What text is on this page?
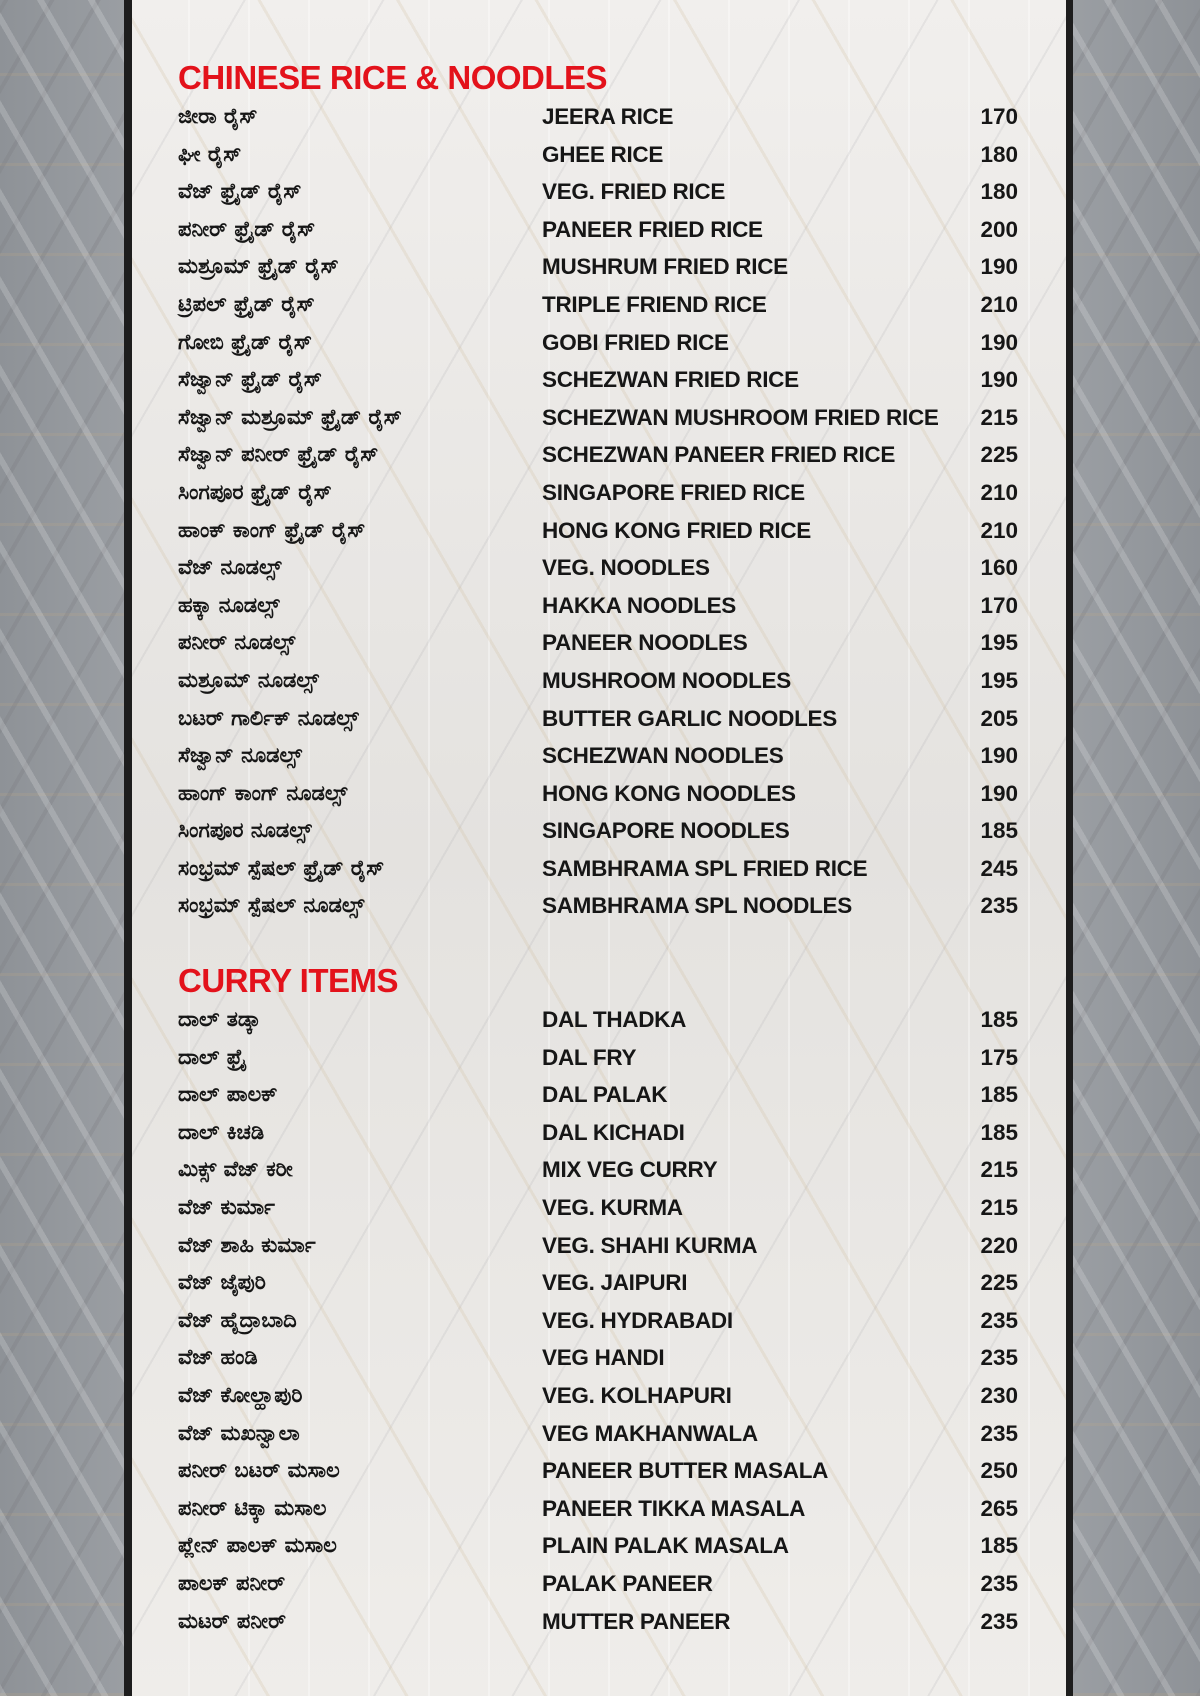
CHINESE RICE & NOODLES
ಜೀರಾ ರೈಸ್	JEERA RICE	170
ಘೀ ರೈಸ್	GHEE RICE	180
ವೆಜ್ ಫ್ರೈಡ್ ರೈಸ್	VEG. FRIED RICE	180
ಪನೀರ್ ಫ್ರೈಡ್ ರೈಸ್	PANEER FRIED RICE	200
ಮಶ್ರೂಮ್ ಫ್ರೈಡ್ ರೈಸ್	MUSHRUM FRIED RICE	190
ಟ್ರಿಪಲ್ ಫ್ರೈಡ್ ರೈಸ್	TRIPLE FRIEND RICE	210
ಗೋಬಿ ಫ್ರೈಡ್ ರೈಸ್	GOBI FRIED RICE	190
ಸೆಜ್ವಾನ್ ಫ್ರೈಡ್ ರೈಸ್	SCHEZWAN FRIED RICE	190
ಸೆಜ್ವಾನ್ ಮಶ್ರೂಮ್ ಫ್ರೈಡ್ ರೈಸ್	SCHEZWAN MUSHROOM FRIED RICE	215
ಸೆಜ್ವಾನ್ ಪನೀರ್ ಫ್ರೈಡ್ ರೈಸ್	SCHEZWAN PANEER FRIED RICE	225
ಸಿಂಗಪೂರ ಫ್ರೈಡ್ ರೈಸ್	SINGAPORE FRIED RICE	210
ಹಾಂಕ್ ಕಾಂಗ್ ಫ್ರೈಡ್ ರೈಸ್	HONG KONG FRIED RICE	210
ವೆಜ್ ನೂಡಲ್ಸ್	VEG. NOODLES	160
ಹಕ್ಕಾ ನೂಡಲ್ಸ್	HAKKA NOODLES	170
ಪನೀರ್ ನೂಡಲ್ಸ್	PANEER NOODLES	195
ಮಶ್ರೂಮ್ ನೂಡಲ್ಸ್	MUSHROOM NOODLES	195
ಬಟರ್ ಗಾರ್ಲಿಕ್ ನೂಡಲ್ಸ್	BUTTER GARLIC NOODLES	205
ಸೆಜ್ವಾನ್ ನೂಡಲ್ಸ್	SCHEZWAN NOODLES	190
ಹಾಂಗ್ ಕಾಂಗ್ ನೂಡಲ್ಸ್	HONG KONG NOODLES	190
ಸಿಂಗಪೂರ ನೂಡಲ್ಸ್	SINGAPORE NOODLES	185
ಸಂಭ್ರಮ್ ಸ್ಪೆಷಲ್ ಫ್ರೈಡ್ ರೈಸ್	SAMBHRAMA SPL FRIED RICE	245
ಸಂಭ್ರಮ್ ಸ್ಪೆಷಲ್ ನೂಡಲ್ಸ್	SAMBHRAMA SPL NOODLES	235
CURRY ITEMS
ದಾಲ್ ತಡ್ಕಾ	DAL THADKA	185
ದಾಲ್ ಫ್ರೈ	DAL FRY	175
ದಾಲ್ ಪಾಲಕ್	DAL PALAK	185
ದಾಲ್ ಕಿಚಡಿ	DAL KICHADI	185
ಮಿಕ್ಸ್ ವೆಜ್ ಕರೀ	MIX VEG CURRY	215
ವೆಜ್ ಕುರ್ಮಾ	VEG. KURMA	215
ವೆಜ್ ಶಾಹಿ ಕುರ್ಮಾ	VEG. SHAHI KURMA	220
ವೆಜ್ ಜೈಪುರಿ	VEG. JAIPURI	225
ವೆಜ್ ಹೈದ್ರಾಬಾದಿ	VEG. HYDRABADI	235
ವೆಜ್ ಹಂಡಿ	VEG HANDI	235
ವೆಜ್ ಕೋಲ್ಹಾಪುರಿ	VEG. KOLHAPURI	230
ವೆಜ್ ಮಖನ್ವಾಲಾ	VEG MAKHANWALA	235
ಪನೀರ್ ಬಟರ್ ಮಸಾಲ	PANEER BUTTER MASALA	250
ಪನೀರ್ ಟಿಕ್ಕಾ ಮಸಾಲ	PANEER TIKKA MASALA	265
ಪ್ಲೇನ್ ಪಾಲಕ್ ಮಸಾಲ	PLAIN PALAK MASALA	185
ಪಾಲಕ್ ಪನೀರ್	PALAK PANEER	235
ಮಟರ್ ಪನೀರ್	MUTTER PANEER	235
